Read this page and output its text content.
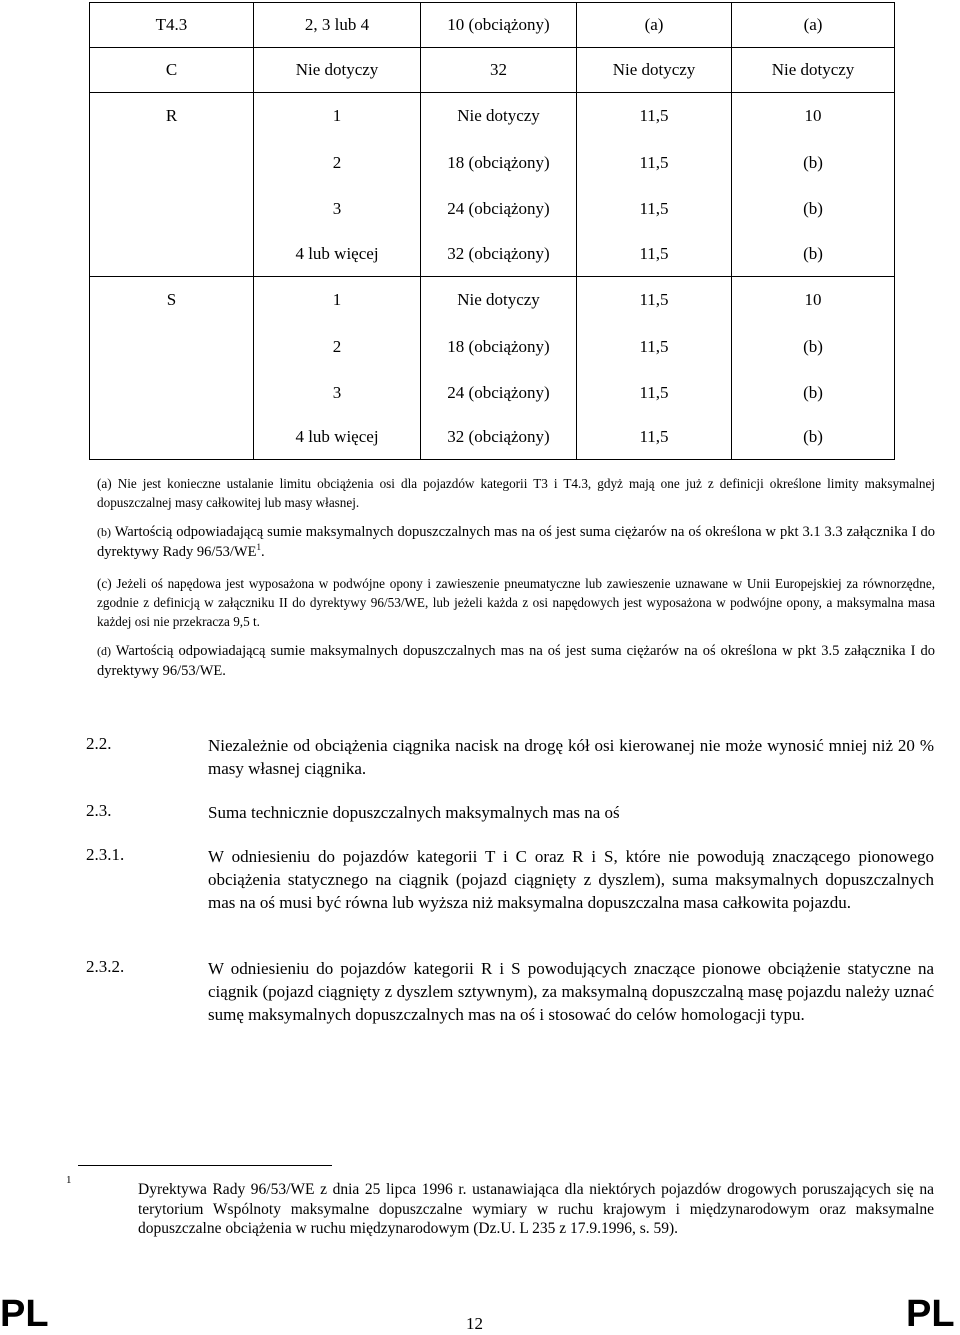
T4.3	2, 3 lub 4	10 (obciążony)	(a)	(a)
C	Nie dotyczy	32	Nie dotyczy	Nie dotyczy
R	1	Nie dotyczy	11,5	10
	2	18 (obciążony)	11,5	(b)
	3	24 (obciążony)	11,5	(b)
	4 lub więcej	32 (obciążony)	11,5	(b)
S	1	Nie dotyczy	11,5	10
	2	18 (obciążony)	11,5	(b)
	3	24 (obciążony)	11,5	(b)
	4 lub więcej	32 (obciążony)	11,5	(b)
(a) Nie jest konieczne ustalanie limitu obciążenia osi dla pojazdów kategorii T3 i T4.3, gdyż mają one już z definicji określone limity maksymalnej dopuszczalnej masy całkowitej lub masy własnej.
(b) Wartością odpowiadającą sumie maksymalnych dopuszczalnych mas na oś jest suma ciężarów na oś określona w pkt 3.1 3.3 załącznika I do dyrektywy Rady $96/53/WE^1$.
(c) Jeżeli oś napędowa jest wyposażona w podwójne opony i zawieszenie pneumatyczne lub zawieszenie uznawane w Unii Europejskiej za równorzędne, zgodnie z definicją w załączniku II do dyrektywy 96/53/WE, lub jeżeli każda z osi napędowych jest wyposażona w podwójne opony, a maksymalna masa każdej osi nie przekracza 9,5 t.
(d) Wartością odpowiadającą sumie maksymalnych dopuszczalnych mas na oś jest suma ciężarów na oś określona w pkt 3.5 załącznika I do dyrektywy 96/53/WE.
2.2.	Niezależnie od obciążenia ciągnika nacisk na drogę kół osi kierowanej nie może wynosić mniej niż 20 % masy własnej ciągnika.
2.3.	Suma technicznie dopuszczalnych maksymalnych mas na oś
2.3.1.	W odniesieniu do pojazdów kategorii T i C oraz R i S, które nie powodują znaczącego pionowego obciążenia statycznego na ciągnik (pojazd ciągnięty z dyszlem), suma maksymalnych dopuszczalnych mas na oś musi być równa lub wyższa niż maksymalna dopuszczalna masa całkowita pojazdu.
2.3.2.	W odniesieniu do pojazdów kategorii R i S powodujących znaczące pionowe obciążenie statyczne na ciągnik (pojazd ciągnięty z dyszlem sztywnym), za maksymalną dopuszczalną masę pojazdu należy uznać sumę maksymalnych dopuszczalnych mas na oś i stosować do celów homologacji typu.
1
Dyrektywa Rady 96/53/WE z dnia 25 lipca 1996 r. ustanawiająca dla niektórych pojazdów drogowych poruszających się na terytorium Wspólnoty maksymalne dopuszczalne wymiary w ruchu krajowym i międzynarodowym oraz maksymalne dopuszczalne obciążenia w ruchu międzynarodowym (Dz.U. L 235 z 17.9.1996, s. 59).
PL	12	PL
